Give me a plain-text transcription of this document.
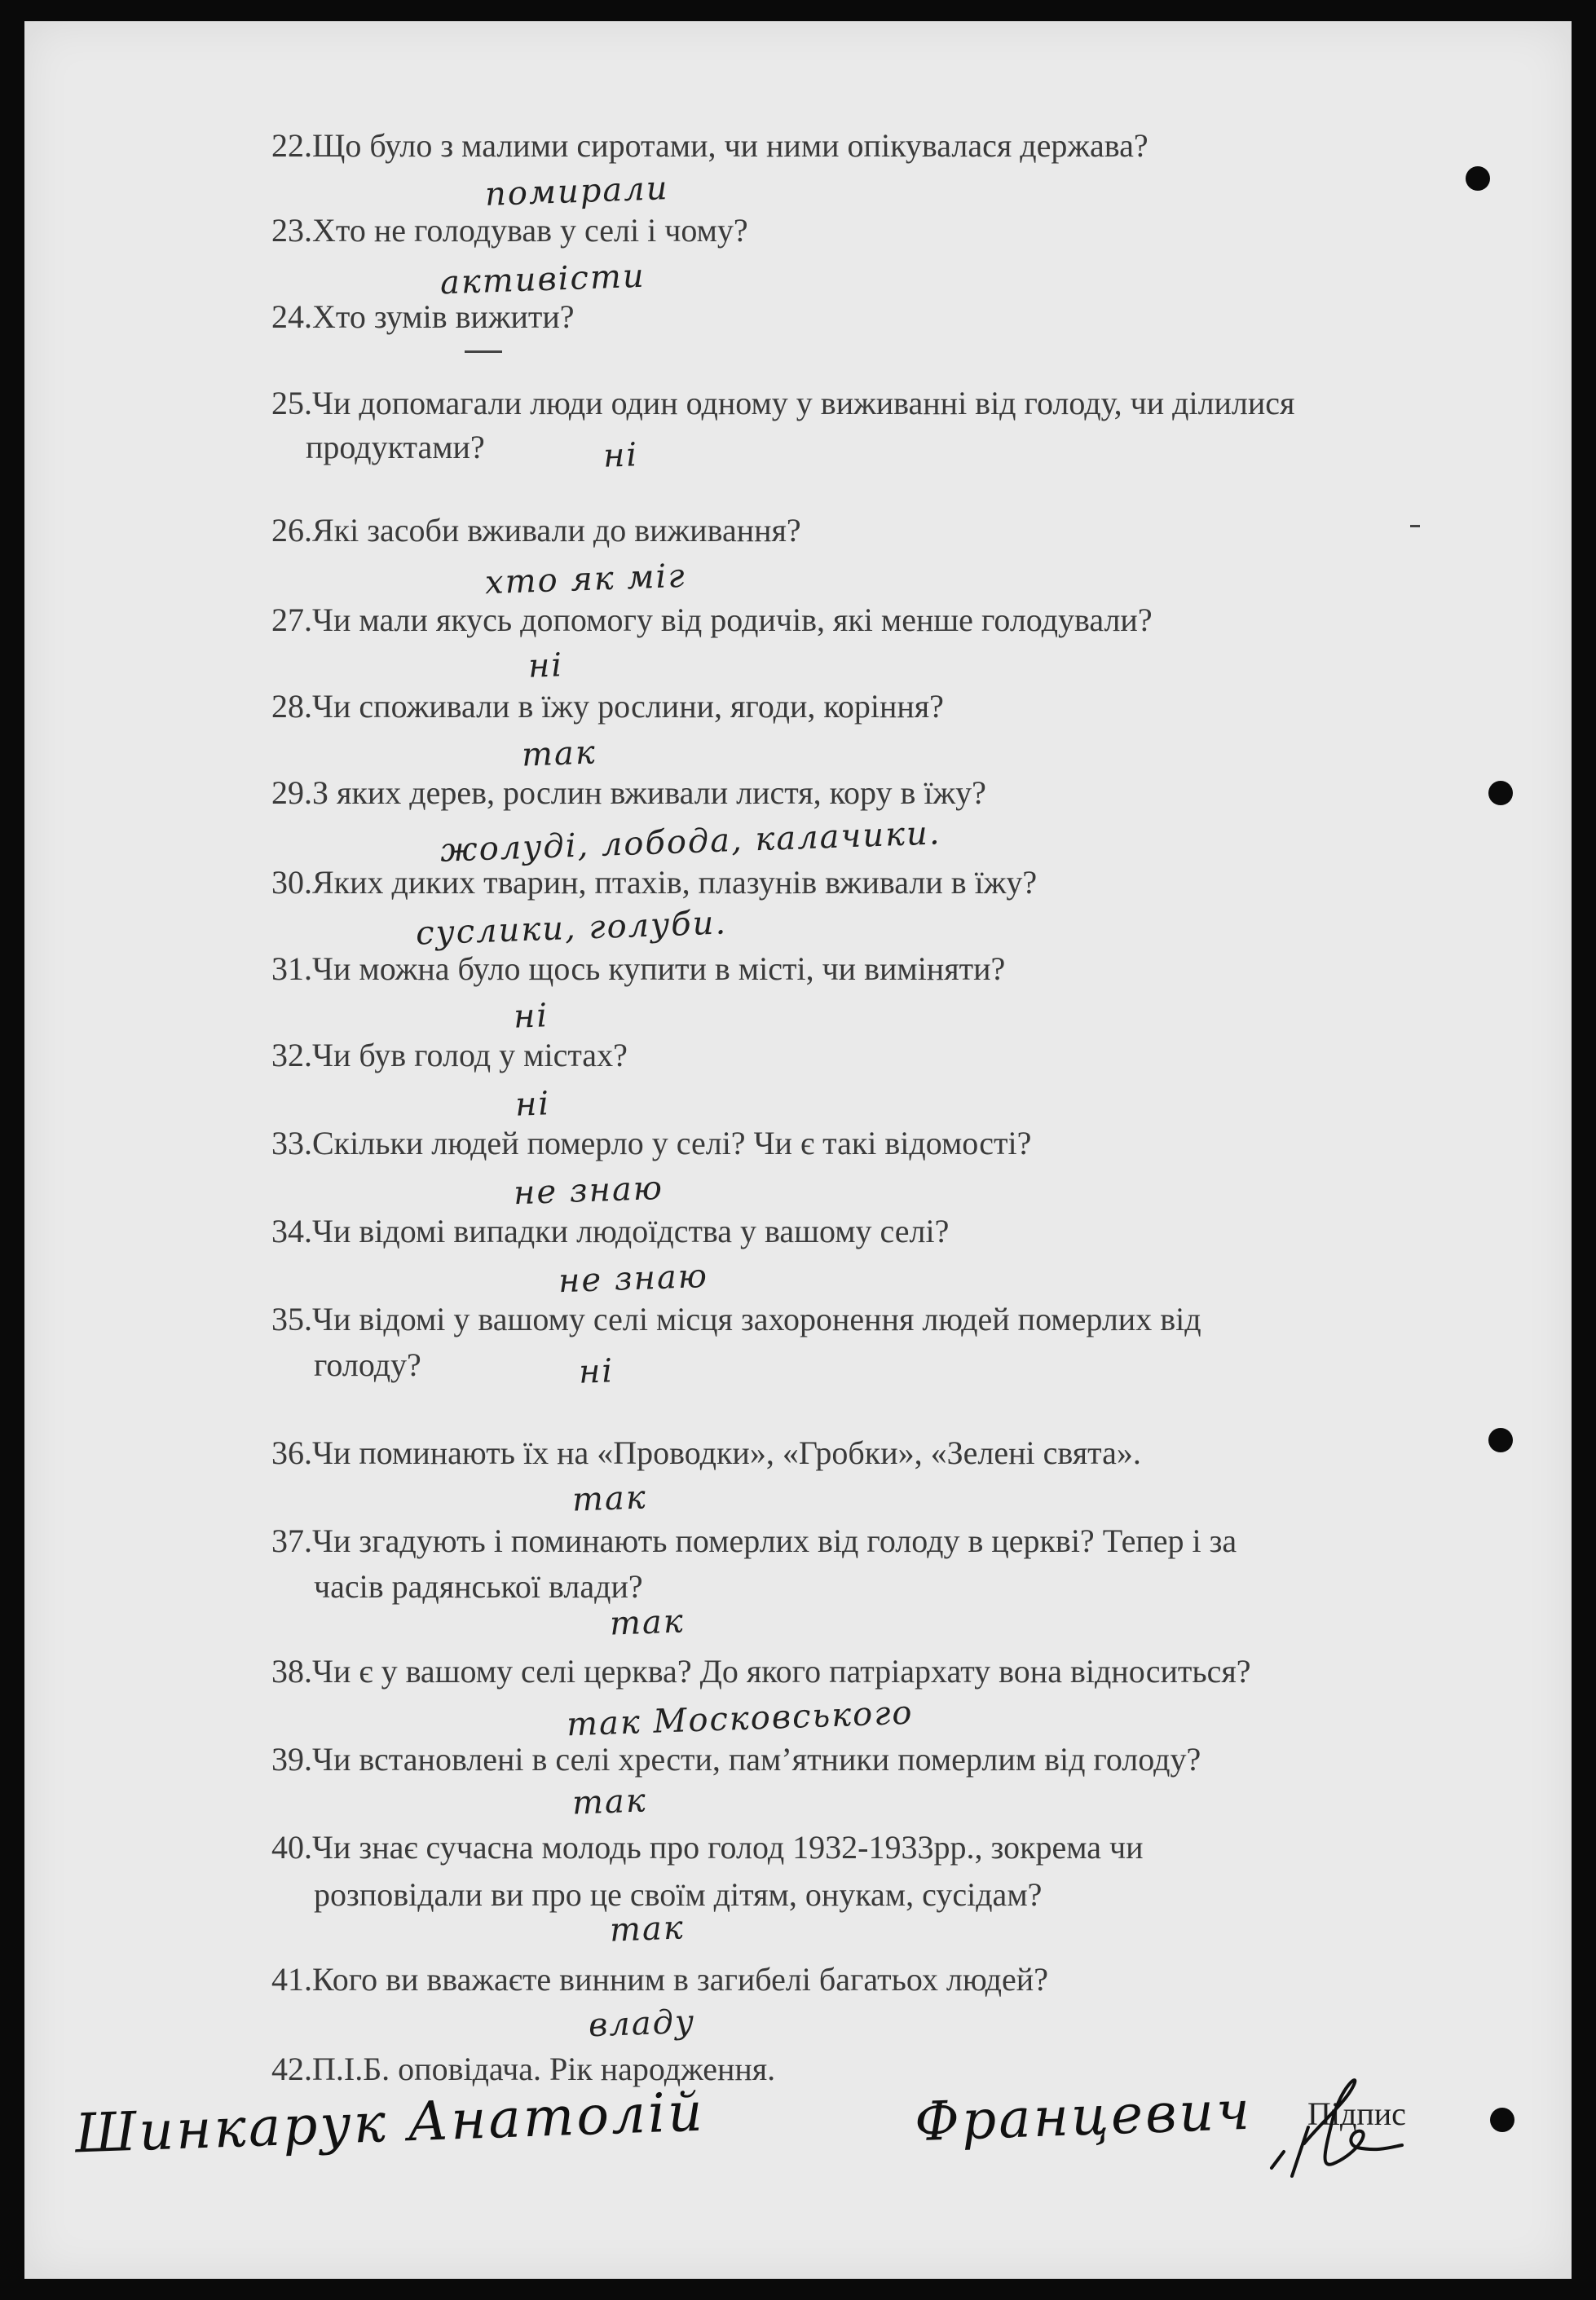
22.Що було з малими сиротами, чи ними опікувалася держава?

помирали

23.Хто не голодував у селі і чому?

активісти

24.Хто зумів вижити?

25.Чи допомагали люди один одному у виживанні від голоду, чи ділилися

продуктами?	ні

26.Які засоби вживали до виживання?

хто як міг

27.Чи мали якусь допомогу від родичів, які менше голодували?

ні

28.Чи споживали в їжу рослини, ягоди, коріння?

так

29.З яких дерев, рослин вживали листя, кору в їжу?

жолуді, лобода, калачики.

30.Яких диких тварин, птахів, плазунів вживали в їжу?

суслики, голуби.

31.Чи можна було щось купити в місті, чи виміняти?

ні

32.Чи був голод у містах?

ні

33.Скільки людей померло у селі? Чи є такі відомості?

не знаю

34.Чи відомі випадки людоїдства у вашому селі?

не знаю

35.Чи відомі у вашому селі місця захоронення людей померлих від

голоду?	ні

36.Чи поминають їх на «Проводки», «Гробки», «Зелені свята».

так

37.Чи згадують і поминають померлих від голоду в церкві? Тепер і за

часів радянської влади?

так

38.Чи є у вашому селі церква? До якого патріархату вона відноситься?

так Московського

39.Чи встановлені в селі хрести, пам’ятники померлим від голоду?

так

40.Чи знає сучасна молодь про голод 1932-1933рр., зокрема чи

розповідали ви про це своїм дітям, онукам, сусідам?

так

41.Кого ви вважаєте винним в загибелі багатьох людей?

владу

42.П.І.Б. оповідача. Рік народження.

Шинкарук Анатолій	Францевич Підпис
